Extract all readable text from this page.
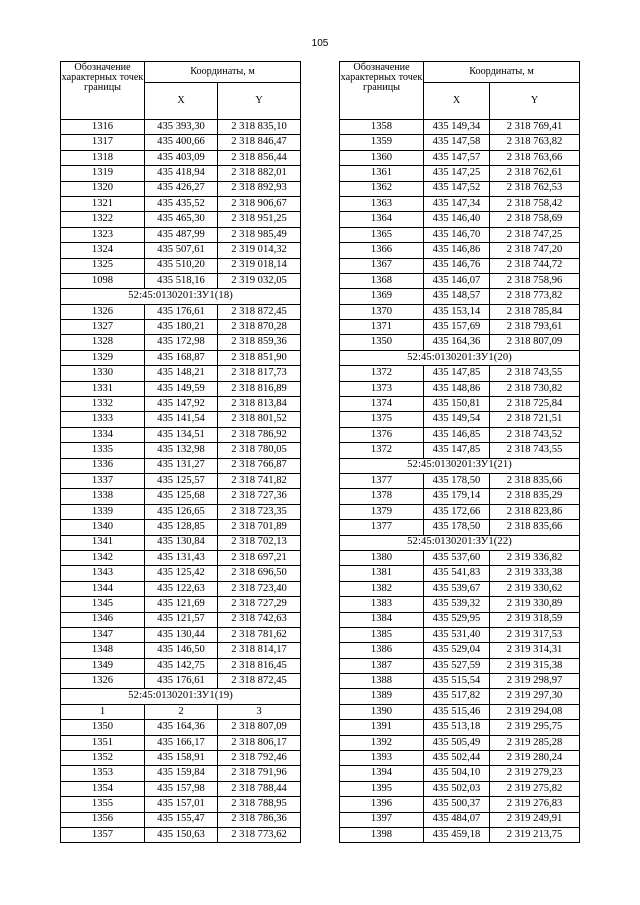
105
Обозначение характерных точек границы	Координаты, м	
	X	Y
1316	435 393,30	2 318 835,10
1317	435 400,66	2 318 846,47
1318	435 403,09	2 318 856,44
1319	435 418,94	2 318 882,01
1320	435 426,27	2 318 892,93
1321	435 435,52	2 318 906,67
1322	435 465,30	2 318 951,25
1323	435 487,99	2 318 985,49
1324	435 507,61	2 319 014,32
1325	435 510,20	2 319 018,14
1098	435 518,16	2 319 032,05
52:45:0130201:ЗУ1(18)		
1326	435 176,61	2 318 872,45
1327	435 180,21	2 318 870,28
1328	435 172,98	2 318 859,36
1329	435 168,87	2 318 851,90
1330	435 148,21	2 318 817,73
1331	435 149,59	2 318 816,89
1332	435 147,92	2 318 813,84
1333	435 141,54	2 318 801,52
1334	435 134,51	2 318 786,92
1335	435 132,98	2 318 780,05
1336	435 131,27	2 318 766,87
1337	435 125,57	2 318 741,82
1338	435 125,68	2 318 727,36
1339	435 126,65	2 318 723,35
1340	435 128,85	2 318 701,89
1341	435 130,84	2 318 702,13
1342	435 131,43	2 318 697,21
1343	435 125,42	2 318 696,50
1344	435 122,63	2 318 723,40
1345	435 121,69	2 318 727,29
1346	435 121,57	2 318 742,63
1347	435 130,44	2 318 781,62
1348	435 146,50	2 318 814,17
1349	435 142,75	2 318 816,45
1326	435 176,61	2 318 872,45
52:45:0130201:ЗУ1(19)		
1	2	3
1350	435 164,36	2 318 807,09
1351	435 166,17	2 318 806,17
1352	435 158,91	2 318 792,46
1353	435 159,84	2 318 791,96
1354	435 157,98	2 318 788,44
1355	435 157,01	2 318 788,95
1356	435 155,47	2 318 786,36
1357	435 150,63	2 318 773,62
Обозначение характерных точек границы	Координаты, м	
	X	Y
1358	435 149,34	2 318 769,41
1359	435 147,58	2 318 763,82
1360	435 147,57	2 318 763,66
1361	435 147,25	2 318 762,61
1362	435 147,52	2 318 762,53
1363	435 147,34	2 318 758,42
1364	435 146,40	2 318 758,69
1365	435 146,70	2 318 747,25
1366	435 146,86	2 318 747,20
1367	435 146,76	2 318 744,72
1368	435 146,07	2 318 758,96
1369	435 148,57	2 318 773,82
1370	435 153,14	2 318 785,84
1371	435 157,69	2 318 793,61
1350	435 164,36	2 318 807,09
52:45:0130201:ЗУ1(20)		
1372	435 147,85	2 318 743,55
1373	435 148,86	2 318 730,82
1374	435 150,81	2 318 725,84
1375	435 149,54	2 318 721,51
1376	435 146,85	2 318 743,52
1372	435 147,85	2 318 743,55
52:45:0130201:ЗУ1(21)		
1377	435 178,50	2 318 835,66
1378	435 179,14	2 318 835,29
1379	435 172,66	2 318 823,86
1377	435 178,50	2 318 835,66
52:45:0130201:ЗУ1(22)		
1380	435 537,60	2 319 336,82
1381	435 541,83	2 319 333,38
1382	435 539,67	2 319 330,62
1383	435 539,32	2 319 330,89
1384	435 529,95	2 319 318,59
1385	435 531,40	2 319 317,53
1386	435 529,04	2 319 314,31
1387	435 527,59	2 319 315,38
1388	435 515,54	2 319 298,97
1389	435 517,82	2 319 297,30
1390	435 515,46	2 319 294,08
1391	435 513,18	2 319 295,75
1392	435 505,49	2 319 285,28
1393	435 502,44	2 319 280,24
1394	435 504,10	2 319 279,23
1395	435 502,03	2 319 275,82
1396	435 500,37	2 319 276,83
1397	435 484,07	2 319 249,91
1398	435 459,18	2 319 213,75
